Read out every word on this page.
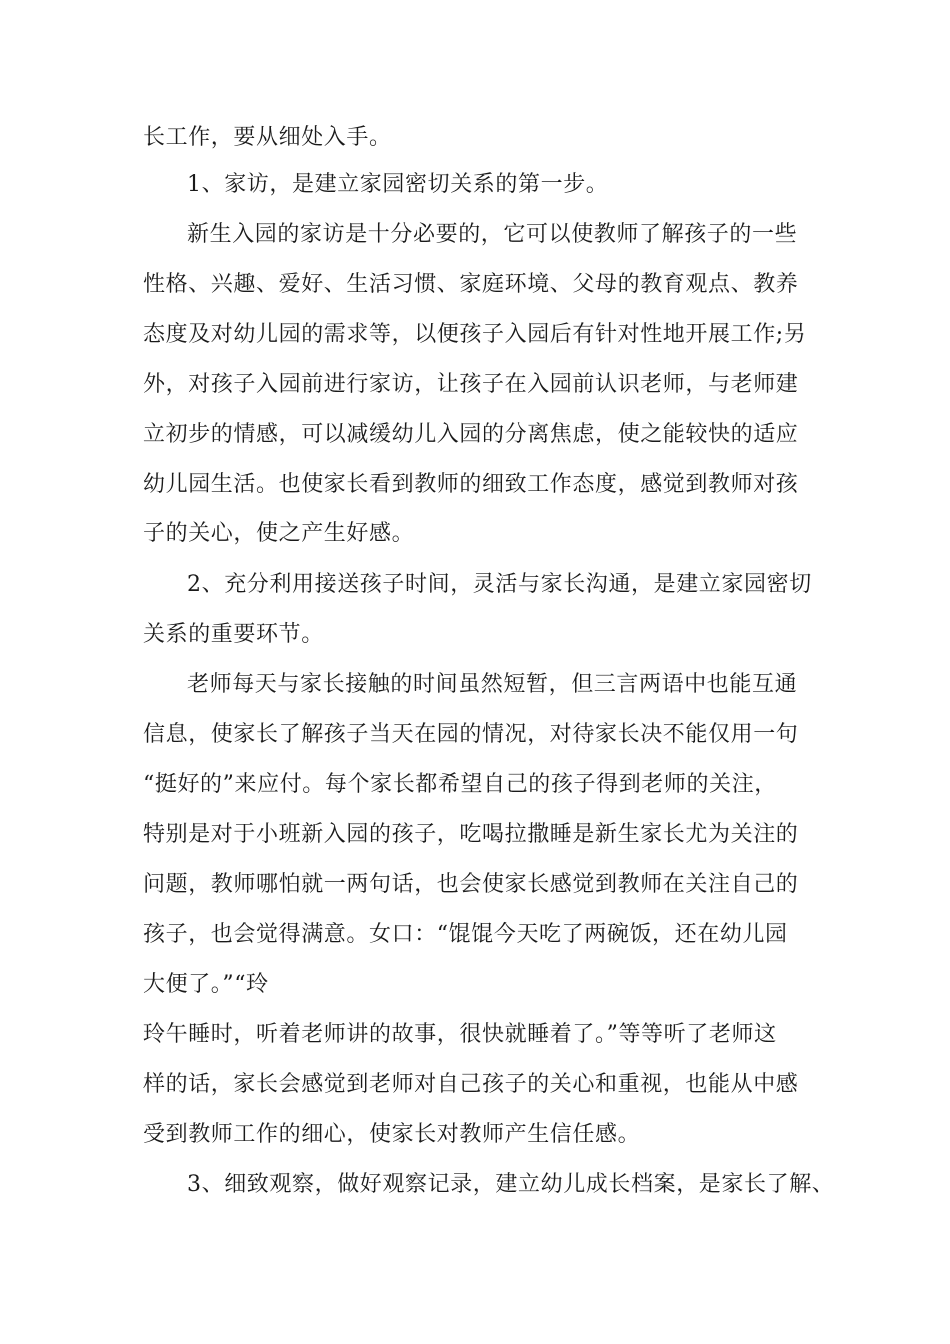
长工作，要从细处入手。
1、家访，是建立家园密切关系的第一步。
新生入园的家访是十分必要的，它可以使教师了解孩子的一些
性格、兴趣、爱好、生活习惯、家庭环境、父母的教育观点、教养
态度及对幼儿园的需求等，以便孩子入园后有针对性地开展工作;另
外，对孩子入园前进行家访，让孩子在入园前认识老师，与老师建
立初步的情感，可以减缓幼儿入园的分离焦虑，使之能较快的适应
幼儿园生活。也使家长看到教师的细致工作态度，感觉到教师对孩
子的关心，使之产生好感。
2、充分利用接送孩子时间，灵活与家长沟通，是建立家园密切
关系的重要环节。
老师每天与家长接触的时间虽然短暂，但三言两语中也能互通
信息，使家长了解孩子当天在园的情况，对待家长决不能仅用一句
“挺好的”来应付。每个家长都希望自己的孩子得到老师的关注，
特别是对于小班新入园的孩子，吃喝拉撒睡是新生家长尤为关注的
问题，教师哪怕就一两句话，也会使家长感觉到教师在关注自己的
孩子，也会觉得满意。女口：“馄馄今天吃了两碗饭，还在幼儿园
大便了。”“玲
玲午睡时，听着老师讲的故事，很快就睡着了。”等等听了老师这
样的话，家长会感觉到老师对自己孩子的关心和重视，也能从中感
受到教师工作的细心，使家长对教师产生信任感。
3、细致观察，做好观察记录，建立幼儿成长档案，是家长了解、
